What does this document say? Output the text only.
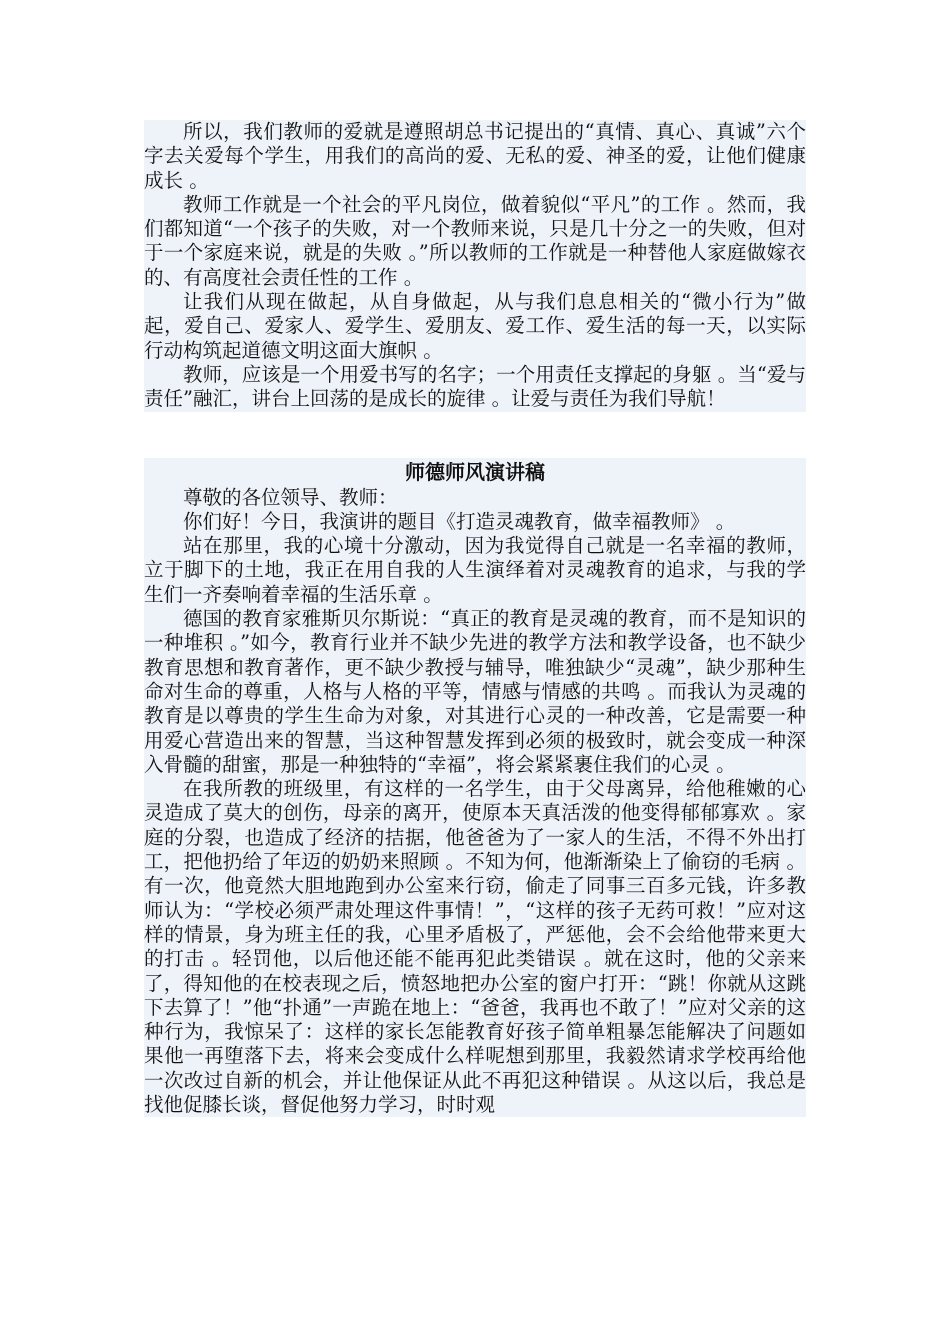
所以，我们教师的爱就是遵照胡总书记提出的“真情、真心、真诚”六个字去关爱每个学生，用我们的高尚的爱、无私的爱、神圣的爱，让他们健康成长 。

教师工作就是一个社会的平凡岗位，做着貌似“平凡”的工作 。然而，我们都知道“一个孩子的失败，对一个教师来说，只是几十分之一的失败，但对于一个家庭来说，就是的失败 。”所以教师的工作就是一种替他人家庭做嫁衣的、有高度社会责任性的工作 。

让我们从现在做起，从自身做起，从与我们息息相关的“微小行为”做起，爱自己、爱家人、爱学生、爱朋友、爱工作、爱生活的每一天，以实际行动构筑起道德文明这面大旗帜 。

教师，应该是一个用爱书写的名字；一个用责任支撑起的身躯 。当“爱与责任”融汇，讲台上回荡的是成长的旋律 。让爱与责任为我们导航！

师德师风演讲稿

尊敬的各位领导、教师：

你们好！今日，我演讲的题目《打造灵魂教育，做幸福教师》 。

站在那里，我的心境十分激动，因为我觉得自己就是一名幸福的教师，立于脚下的土地，我正在用自我的人生演绎着对灵魂教育的追求，与我的学生们一齐奏响着幸福的生活乐章 。

德国的教育家雅斯贝尔斯说：“真正的教育是灵魂的教育，而不是知识的一种堆积 。”如今，教育行业并不缺少先进的教学方法和教学设备，也不缺少教育思想和教育著作，更不缺少教授与辅导，唯独缺少“灵魂”，缺少那种生命对生命的尊重，人格与人格的平等，情感与情感的共鸣 。而我认为灵魂的教育是以尊贵的学生生命为对象，对其进行心灵的一种改善，它是需要一种用爱心营造出来的智慧，当这种智慧发挥到必须的极致时，就会变成一种深入骨髓的甜蜜，那是一种独特的“幸福”，将会紧紧裹住我们的心灵 。

在我所教的班级里，有这样的一名学生，由于父母离异，给他稚嫩的心灵造成了莫大的创伤，母亲的离开，使原本天真活泼的他变得郁郁寡欢 。家庭的分裂，也造成了经济的拮据，他爸爸为了一家人的生活，不得不外出打工，把他扔给了年迈的奶奶来照顾 。不知为何，他渐渐染上了偷窃的毛病 。有一次，他竟然大胆地跑到办公室来行窃，偷走了同事三百多元钱，许多教师认为：“学校必须严肃处理这件事情！”，“这样的孩子无药可救！”应对这样的情景，身为班主任的我，心里矛盾极了，严惩他，会不会给他带来更大的打击 。轻罚他，以后他还能不能再犯此类错误 。就在这时，他的父亲来了，得知他的在校表现之后，愤怒地把办公室的窗户打开：“跳！你就从这跳下去算了！”他“扑通”一声跪在地上：“爸爸，我再也不敢了！”应对父亲的这种行为，我惊呆了：这样的家长怎能教育好孩子简单粗暴怎能解决了问题如果他一再堕落下去，将来会变成什么样呢想到那里，我毅然请求学校再给他一次改过自新的机会，并让他保证从此不再犯这种错误 。从这以后，我总是找他促膝长谈，督促他努力学习，时时观
